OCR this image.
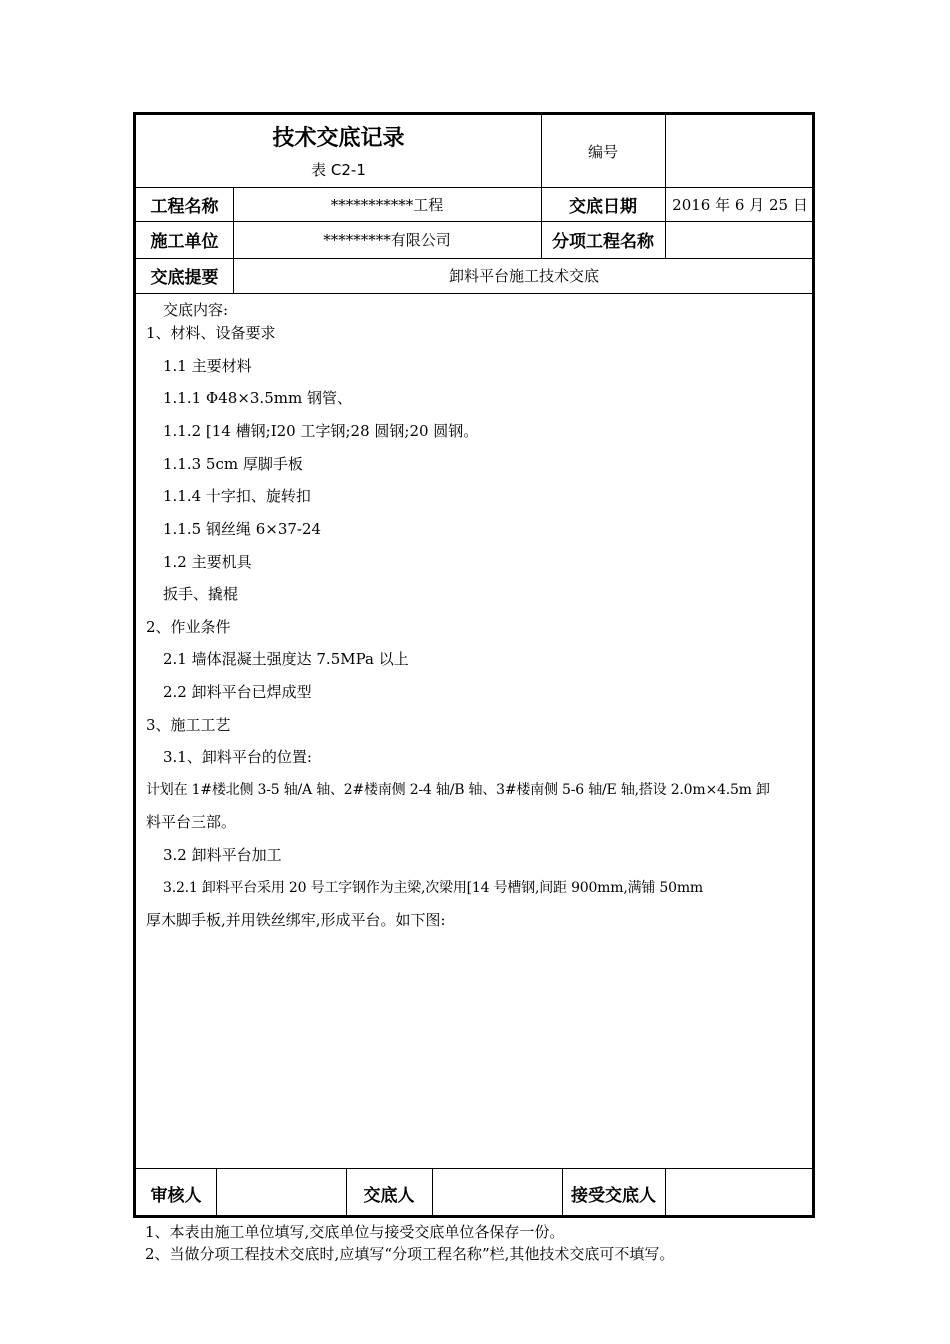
技术交底记录
表 C2-1
编号
工程名称	***********工程	交底日期 2016 年 6 月 25 日
施工单位	*********有限公司	分项工程名称
交底提要	卸料平台施工技术交底
交底内容:
1、材料、设备要求
1.1 主要材料
1.1.1 Φ48×3.5mm 钢管、
1.1.2 [14 槽钢;I20 工字钢;28 圆钢;20 圆钢。
1.1.3 5cm 厚脚手板
1.1.4 十字扣、旋转扣
1.1.5 钢丝绳 6×37-24
1.2 主要机具
扳手、撬棍
2、作业条件
2.1 墙体混凝土强度达 7.5MPa 以上
2.2 卸料平台已焊成型
3、施工工艺
3.1、卸料平台的位置:
计划在 1#楼北侧 3-5 轴/A 轴、2#楼南侧 2-4 轴/B 轴、3#楼南侧 5-6 轴/E 轴,搭设 2.0m×4.5m 卸
料平台三部。
3.2 卸料平台加工
3.2.1 卸料平台采用 20 号工字钢作为主梁,次梁用[14 号槽钢,间距 900mm,满铺 50mm
厚木脚手板,并用铁丝绑牢,形成平台。如下图:
审核人	交底人	接受交底人
1、本表由施工单位填写,交底单位与接受交底单位各保存一份。
2、当做分项工程技术交底时,应填写“分项工程名称”栏,其他技术交底可不填写。
